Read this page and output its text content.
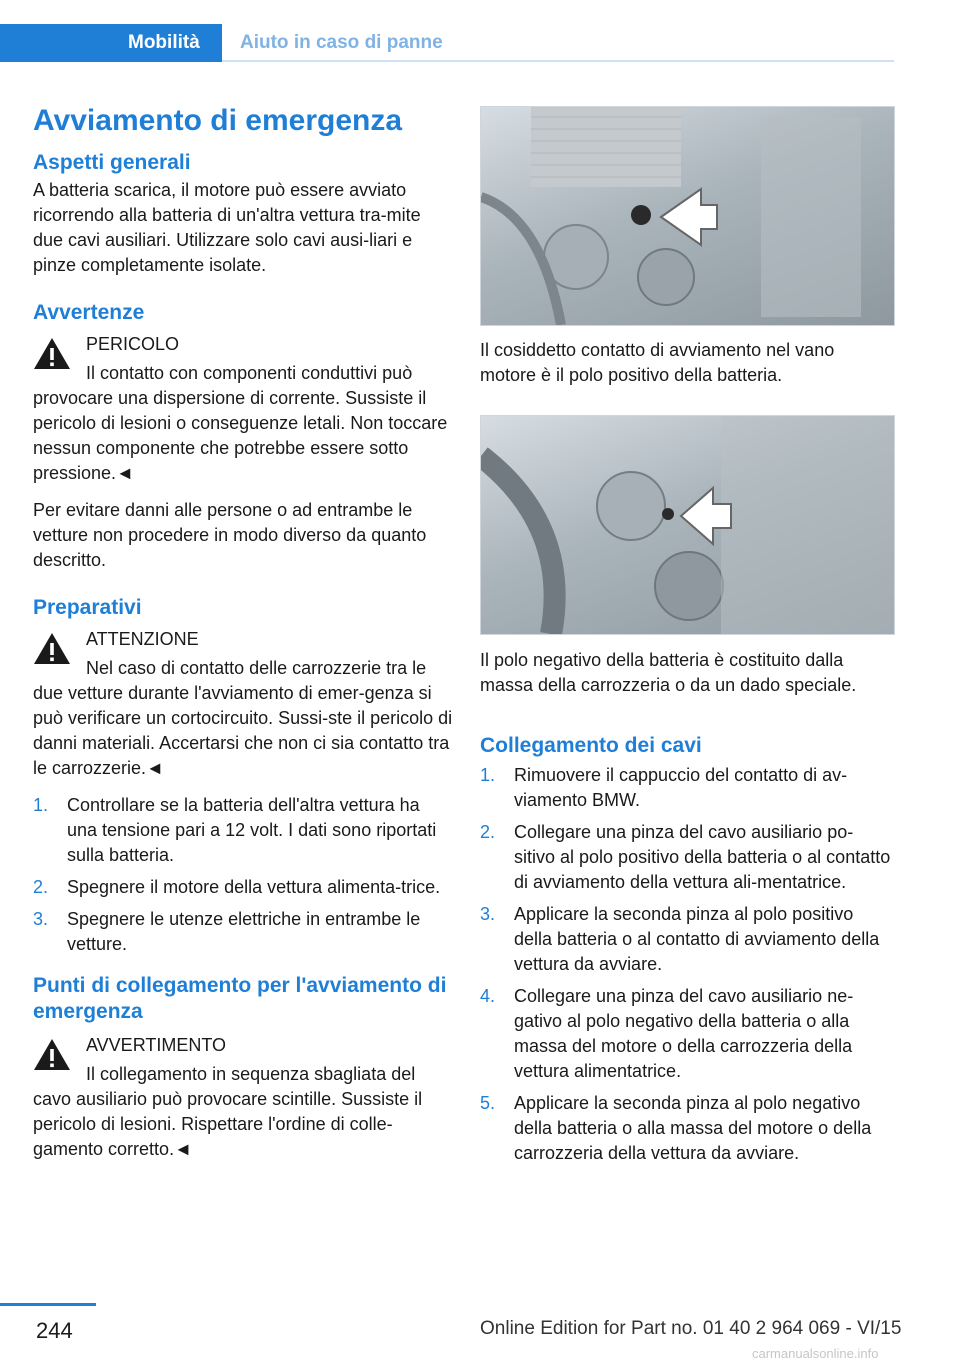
Mobilità Aiuto in caso di panne
Avviamento di emergenza
Aspetti generali

A batteria scarica, il motore può essere avviato ricorrendo alla batteria di un'altra vettura tra-mite due cavi ausiliari. Utilizzare solo cavi ausi-liari e pinze completamente isolate.

Avvertenze
PERICOLO

Il contatto con componenti conduttivi può provocare una dispersione di corrente. Sussiste il pericolo di lesioni o conseguenze letali. Non toccare nessun componente che potrebbe essere sotto pressione.◄

Per evitare danni alle persone o ad entrambe le vetture non procedere in modo diverso da quanto descritto.

Preparativi
ATTENZIONE

Nel caso di contatto delle carrozzerie tra le due vetture durante l'avviamento di emer-genza si può verificare un cortocircuito. Sussi-ste il pericolo di danni materiali. Accertarsi che non ci sia contatto tra le carrozzerie.◄

1. Controllare se la batteria dell'altra vettura ha una tensione pari a 12 volt. I dati sono riportati sulla batteria.
2. Spegnere il motore della vettura alimenta-trice.
3. Spegnere le utenze elettriche in entrambe le vetture.
Punti di collegamento per l'avviamento di emergenza
AVVERTIMENTO

Il collegamento in sequenza sbagliata del cavo ausiliario può provocare scintille. Sussiste il pericolo di lesioni. Rispettare l'ordine di colle-gamento corretto.◄

Il cosiddetto contatto di avviamento nel vano motore è il polo positivo della batteria.

Il polo negativo della batteria è costituito dalla massa della carrozzeria o da un dado speciale.

Collegamento dei cavi
1. Rimuovere il cappuccio del contatto di av-viamento BMW.
2. Collegare una pinza del cavo ausiliario po-sitivo al polo positivo della batteria o al contatto di avviamento della vettura ali-mentatrice.
3. Applicare la seconda pinza al polo positivo della batteria o al contatto di avviamento della vettura da avviare.
4. Collegare una pinza del cavo ausiliario ne-gativo al polo negativo della batteria o alla massa del motore o della carrozzeria della vettura alimentatrice.
5. Applicare la seconda pinza al polo negativo della batteria o alla massa del motore o della carrozzeria della vettura da avviare.
244	Online Edition for Part no. 01 40 2 964 069 - VI/15
carmanualsonline.info
